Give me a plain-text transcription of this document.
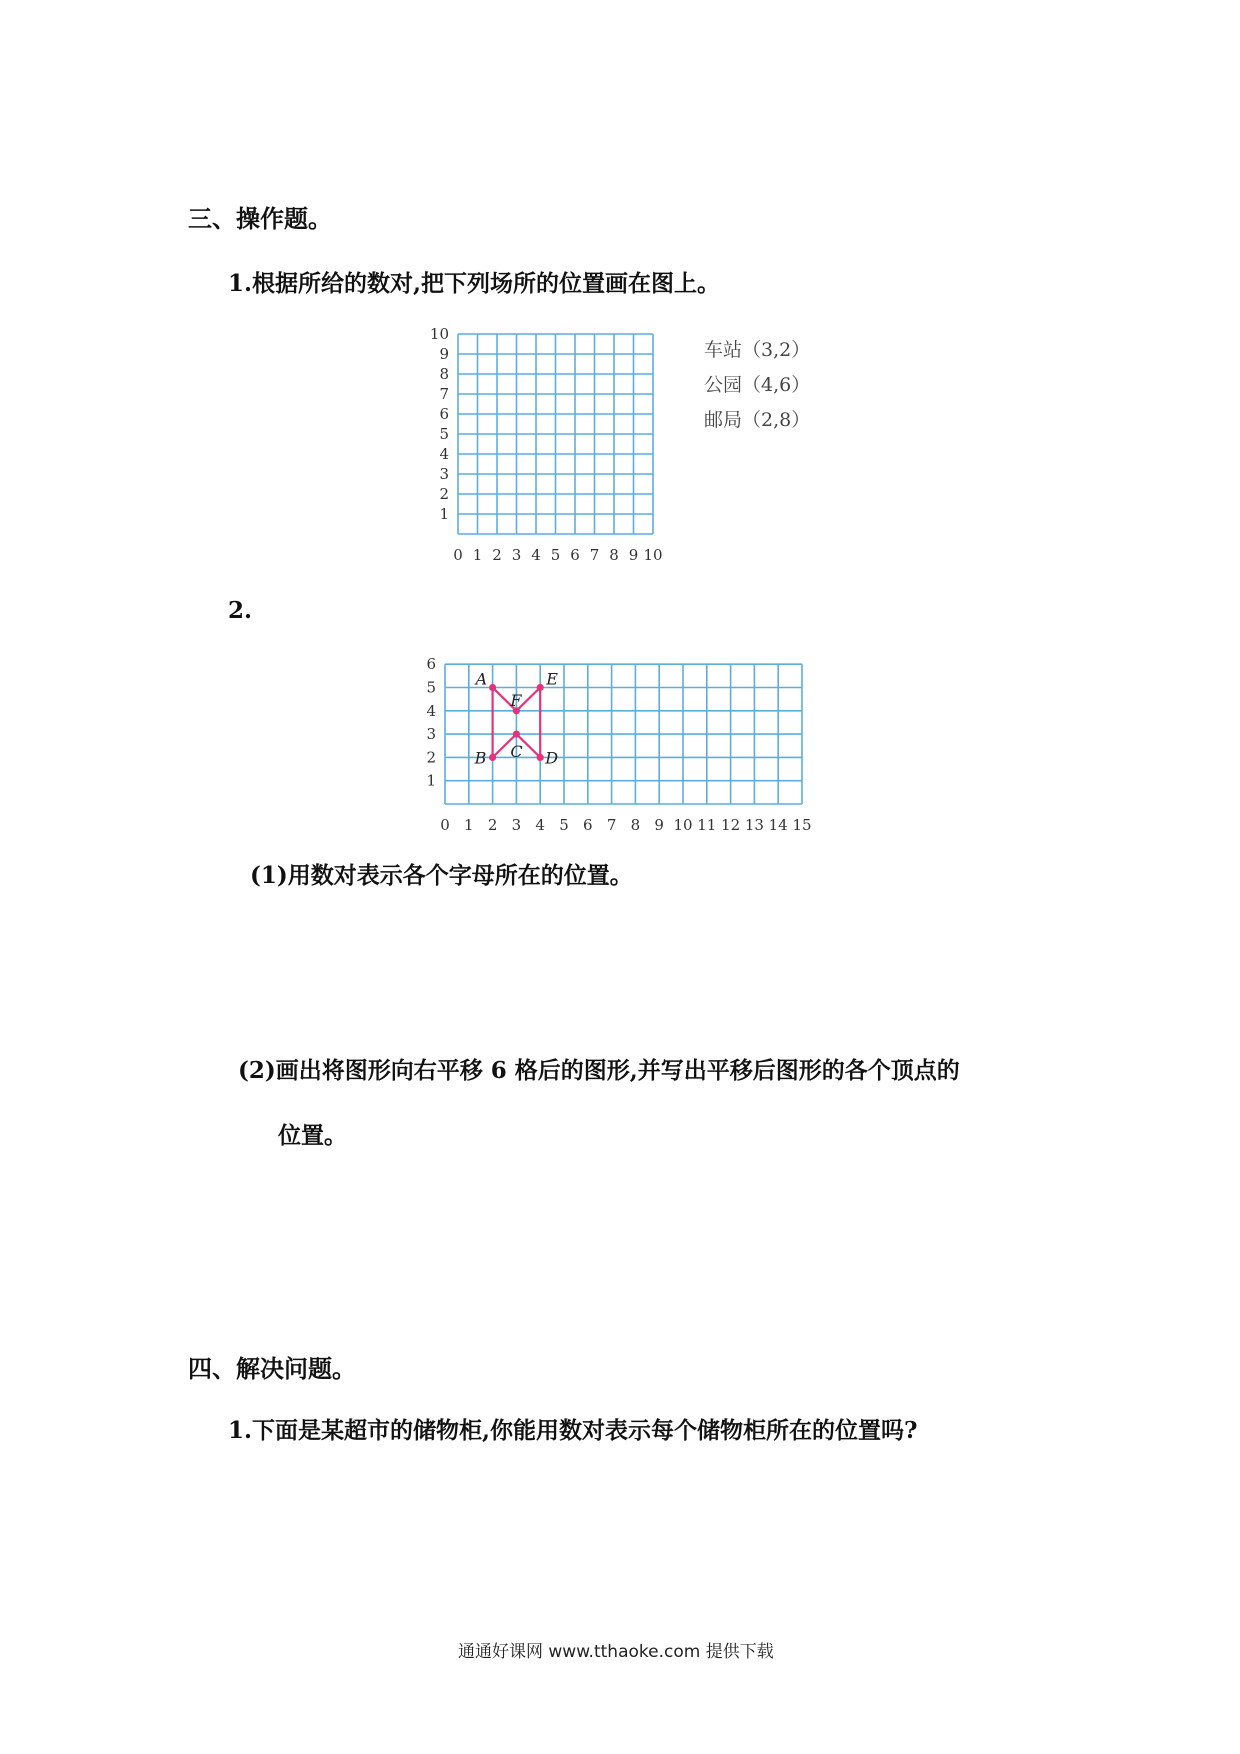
三、操作题。
1.根据所给的数对,把下列场所的位置画在图上。
0 1 2 3 4 5 6 7 8 9 10
1
2
3
4
5
6
7
8
9
10
车站（3,2）
公园（4,6）
邮局（2,8）
2.
0 1 2 3 4 5 6 7 8 9 10 11 12 13 14 15
1
2
3
4
5
6
A
F
E
D
C
B
(1)用数对表示各个字母所在的位置。
(2)画出将图形向右平移 6 格后的图形,并写出平移后图形的各个顶点的
位置。
四、解决问题。
1.下面是某超市的储物柜,你能用数对表示每个储物柜所在的位置吗?
通通好课网 www.tthaoke.com 提供下载
